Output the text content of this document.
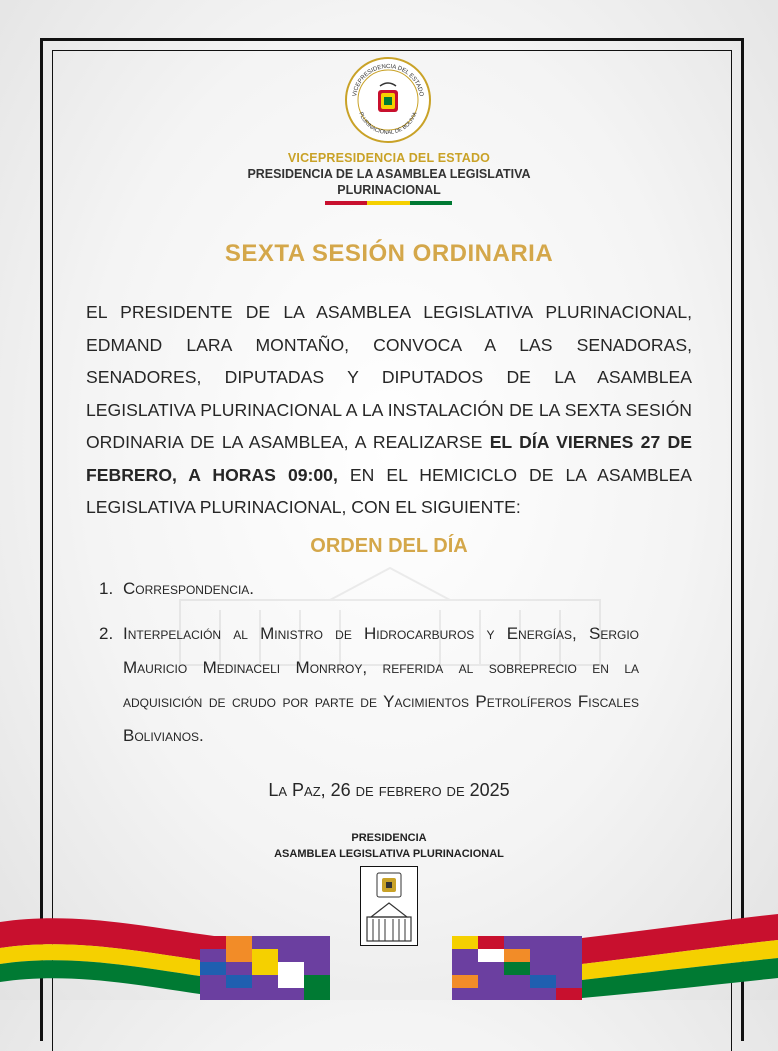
VICEPRESIDENCIA DEL ESTADO
PLURINACIONAL DE BOLIVIA
VICEPRESIDENCIA DEL ESTADO
PRESIDENCIA DE LA ASAMBLEA LEGISLATIVA
PLURINACIONAL
SEXTA SESIÓN ORDINARIA
EL PRESIDENTE DE LA ASAMBLEA LEGISLATIVA PLURINACIONAL, EDMAND LARA MONTAÑO, CONVOCA A LAS SENADORAS, SENADORES, DIPUTADAS Y DIPUTADOS DE LA ASAMBLEA LEGISLATIVA PLURINACIONAL A LA INSTALACIÓN DE LA SEXTA SESIÓN ORDINARIA DE LA ASAMBLEA, A REALIZARSE EL DÍA VIERNES 27 DE FEBRERO, A HORAS 09:00, EN EL HEMICICLO DE LA ASAMBLEA LEGISLATIVA PLURINACIONAL, CON EL SIGUIENTE:
ORDEN DEL DÍA
1. Correspondencia.
2. Interpelación al Ministro de Hidrocarburos y Energías, Sergio Mauricio Medinaceli Monrroy, referida al sobreprecio en la adquisición de crudo por parte de Yacimientos Petrolíferos Fiscales Bolivianos.
La Paz, 26 de febrero de 2025
PRESIDENCIA
ASAMBLEA LEGISLATIVA PLURINACIONAL
